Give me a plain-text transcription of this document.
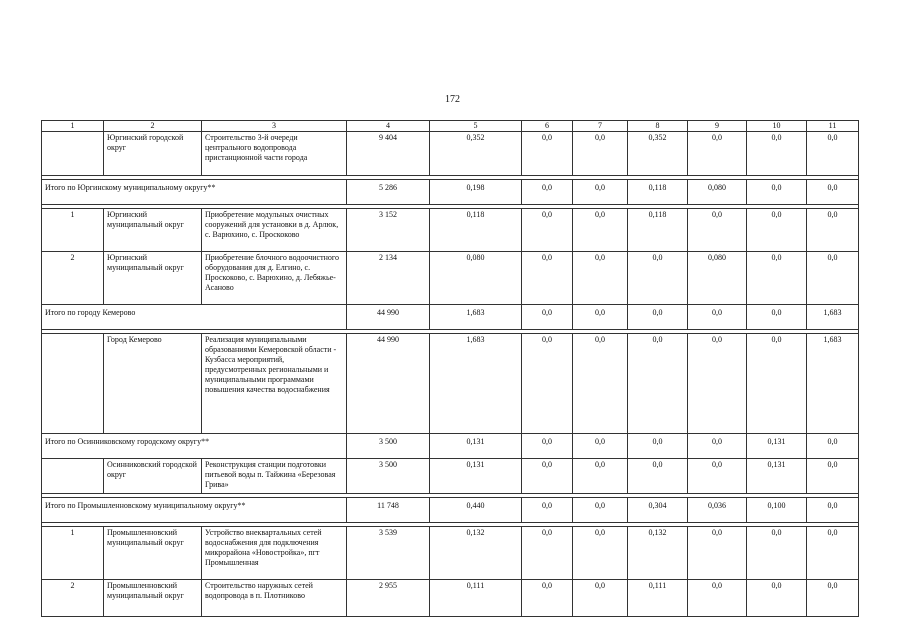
172
1	2	3	4	5	6	7	8	9	10	11
	Юргинский городской округ	Строительство 3-й очереди центрального водопровода пристанционной части города	9 404	0,352	0,0	0,0	0,352	0,0	0,0	0,0

Итого по Юргинскому муниципальному округу**			5 286	0,198	0,0	0,0	0,118	0,080	0,0	0,0

1	Юргинский муниципальный округ	Приобретение модульных очистных сооружений для установки в д. Арлюк, с. Варюхино, с. Проскоково	3 152	0,118	0,0	0,0	0,118	0,0	0,0	0,0
2	Юргинский муниципальный округ	Приобретение блочного водоочистного оборудования для д. Елгино, с. Проскоково, с. Варюхино, д. Лебяжье-Асаново	2 134	0,080	0,0	0,0	0,0	0,080	0,0	0,0
Итого по городу Кемерово			44 990	1,683	0,0	0,0	0,0	0,0	0,0	1,683

	Город Кемерово	Реализация муниципальными образованиями Кемеровской области - Кузбасса мероприятий, предусмотренных региональными и муниципальными программами повышения качества водоснабжения	44 990	1,683	0,0	0,0	0,0	0,0	0,0	1,683
Итого по Осинниковскому городскому округу**			3 500	0,131	0,0	0,0	0,0	0,0	0,131	0,0
	Осинниковский городской округ	Реконструкция станции подготовки питьевой воды п. Тайжина «Березовая Грива»	3 500	0,131	0,0	0,0	0,0	0,0	0,131	0,0

Итого по Промышленновскому муниципальному округу**			11 748	0,440	0,0	0,0	0,304	0,036	0,100	0,0

1	Промышленновский муниципальный округ	Устройство внеквартальных сетей водоснабжения для подключения микрорайона «Новостройка», пгт Промышленная	3 539	0,132	0,0	0,0	0,132	0,0	0,0	0,0
2	Промышленновский муниципальный округ	Строительство наружных сетей водопровода в п. Плотниково	2 955	0,111	0,0	0,0	0,111	0,0	0,0	0,0
